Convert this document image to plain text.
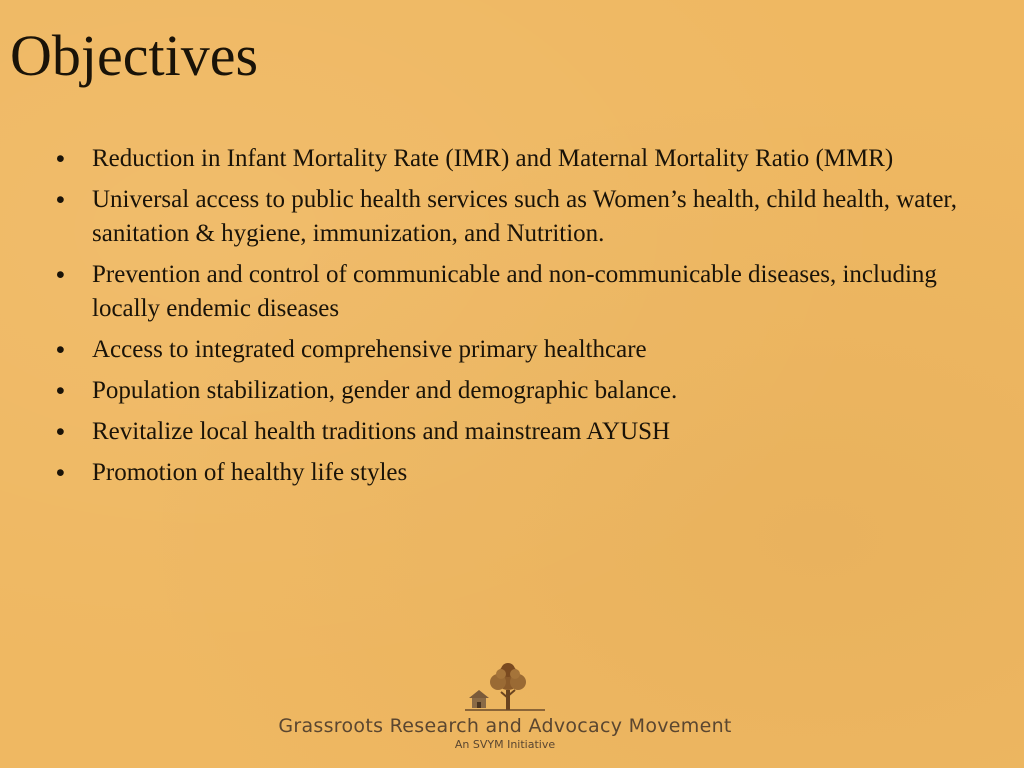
Objectives
• Reduction in Infant Mortality Rate (IMR) and Maternal Mortality Ratio (MMR)
• Universal access to public health services such as Women’s health, child health, water, sanitation & hygiene, immunization, and Nutrition.
• Prevention and control of communicable and non-communicable diseases, including locally endemic diseases
• Access to integrated comprehensive primary healthcare
• Population stabilization, gender and demographic balance.
• Revitalize local health traditions and mainstream AYUSH
• Promotion of healthy life styles
Grassroots Research and Advocacy Movement
An SVYM Initiative
